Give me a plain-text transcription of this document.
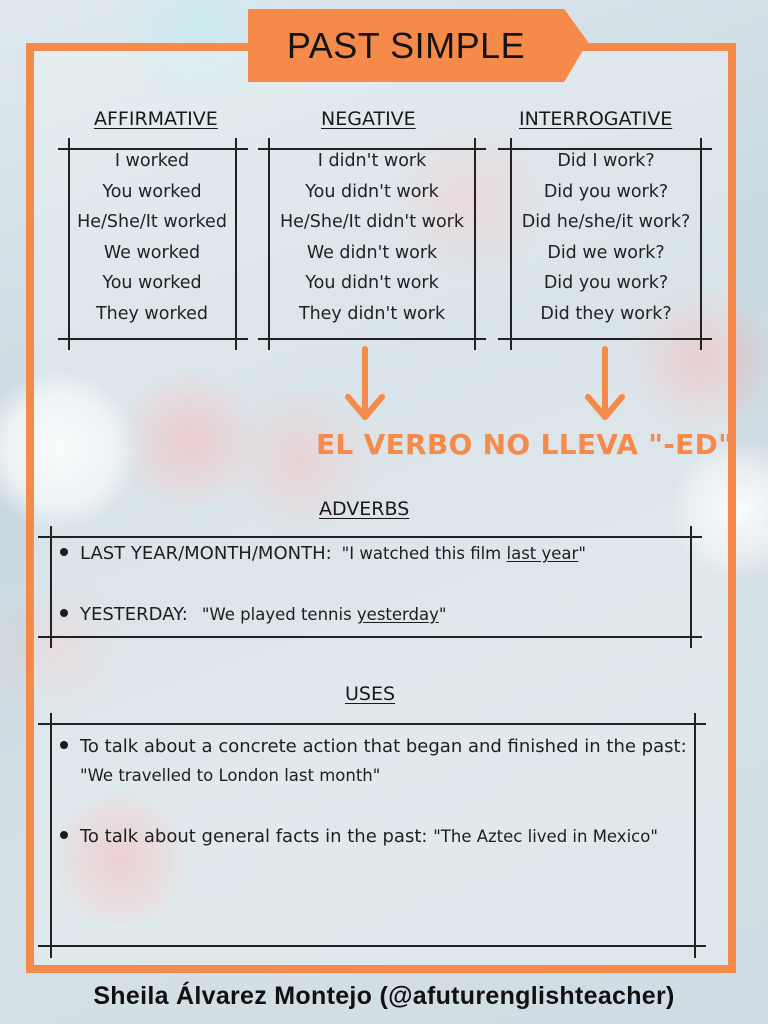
PAST SIMPLE
AFFIRMATIVE	NEGATIVE	INTERROGATIVE
I worked
You worked
He/She/It worked
We worked
You worked
They worked
I didn't work
You didn't work
He/She/It didn't work
We didn't work
You didn't work
They didn't work
Did I work?
Did you work?
Did he/she/it work?
Did we work?
Did you work?
Did they work?
EL VERBO NO LLEVA "-ED"
ADVERBS
LAST YEAR/MONTH/MONTH: "I watched this film last year"
YESTERDAY: "We played tennis yesterday"
USES
To talk about a concrete action that began and finished in the past:
"We travelled to London last month"
To talk about general facts in the past: "The Aztec lived in Mexico"
Sheila Álvarez Montejo (@afuturenglishteacher)
